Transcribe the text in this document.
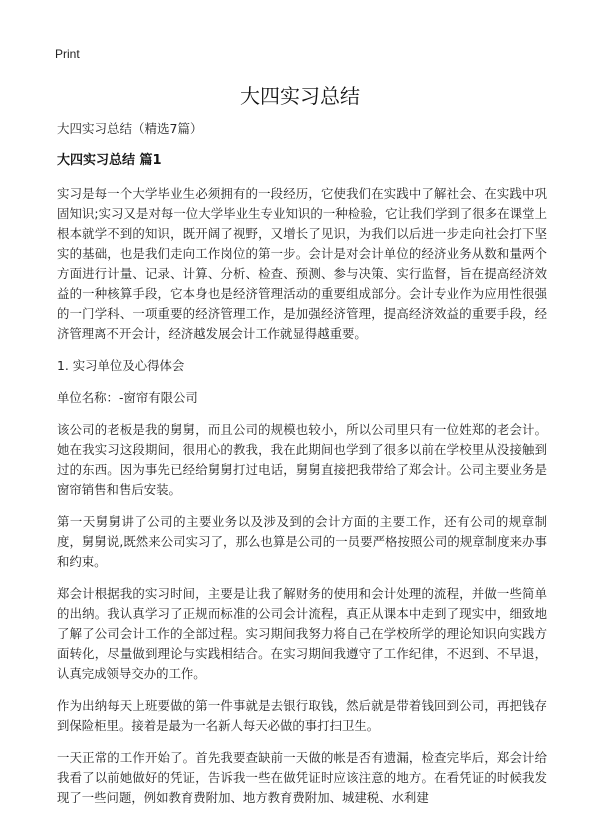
Print
大四实习总结
大四实习总结（精选7篇）
大四实习总结 篇1

实习是每一个大学毕业生必须拥有的一段经历，它使我们在实践中了解社会、在实践中巩固知识;实习又是对每一位大学毕业生专业知识的一种检验，它让我们学到了很多在课堂上根本就学不到的知识，既开阔了视野，又增长了见识，为我们以后进一步走向社会打下坚实的基础，也是我们走向工作岗位的第一步。会计是对会计单位的经济业务从数和量两个方面进行计量、记录、计算、分析、检查、预测、参与决策、实行监督，旨在提高经济效益的一种核算手段，它本身也是经济管理活动的重要组成部分。会计专业作为应用性很强的一门学科、一项重要的经济管理工作，是加强经济管理，提高经济效益的重要手段，经济管理离不开会计，经济越发展会计工作就显得越重要。

1. 实习单位及心得体会

单位名称：-窗帘有限公司

该公司的老板是我的舅舅，而且公司的规模也较小，所以公司里只有一位姓郑的老会计。她在我实习这段期间，很用心的教我，我在此期间也学到了很多以前在学校里从没接触到过的东西。因为事先已经给舅舅打过电话，舅舅直接把我带给了郑会计。公司主要业务是窗帘销售和售后安装。

第一天舅舅讲了公司的主要业务以及涉及到的会计方面的主要工作，还有公司的规章制度，舅舅说,既然来公司实习了，那么也算是公司的一员要严格按照公司的规章制度来办事和约束。

郑会计根据我的实习时间，主要是让我了解财务的使用和会计处理的流程，并做一些简单的出纳。我认真学习了正规而标准的公司会计流程，真正从课本中走到了现实中，细致地了解了公司会计工作的全部过程。实习期间我努力将自己在学校所学的理论知识向实践方面转化，尽量做到理论与实践相结合。在实习期间我遵守了工作纪律，不迟到、不早退，认真完成领导交办的工作。

作为出纳每天上班要做的第一件事就是去银行取钱，然后就是带着钱回到公司，再把钱存到保险柜里。接着是最为一名新人每天必做的事打扫卫生。

一天正常的工作开始了。首先我要查缺前一天做的帐是否有遗漏，检查完毕后，郑会计给我看了以前她做好的凭证，告诉我一些在做凭证时应该注意的地方。在看凭证的时候我发现了一些问题，例如教育费附加、地方教育费附加、城建税、水利建
